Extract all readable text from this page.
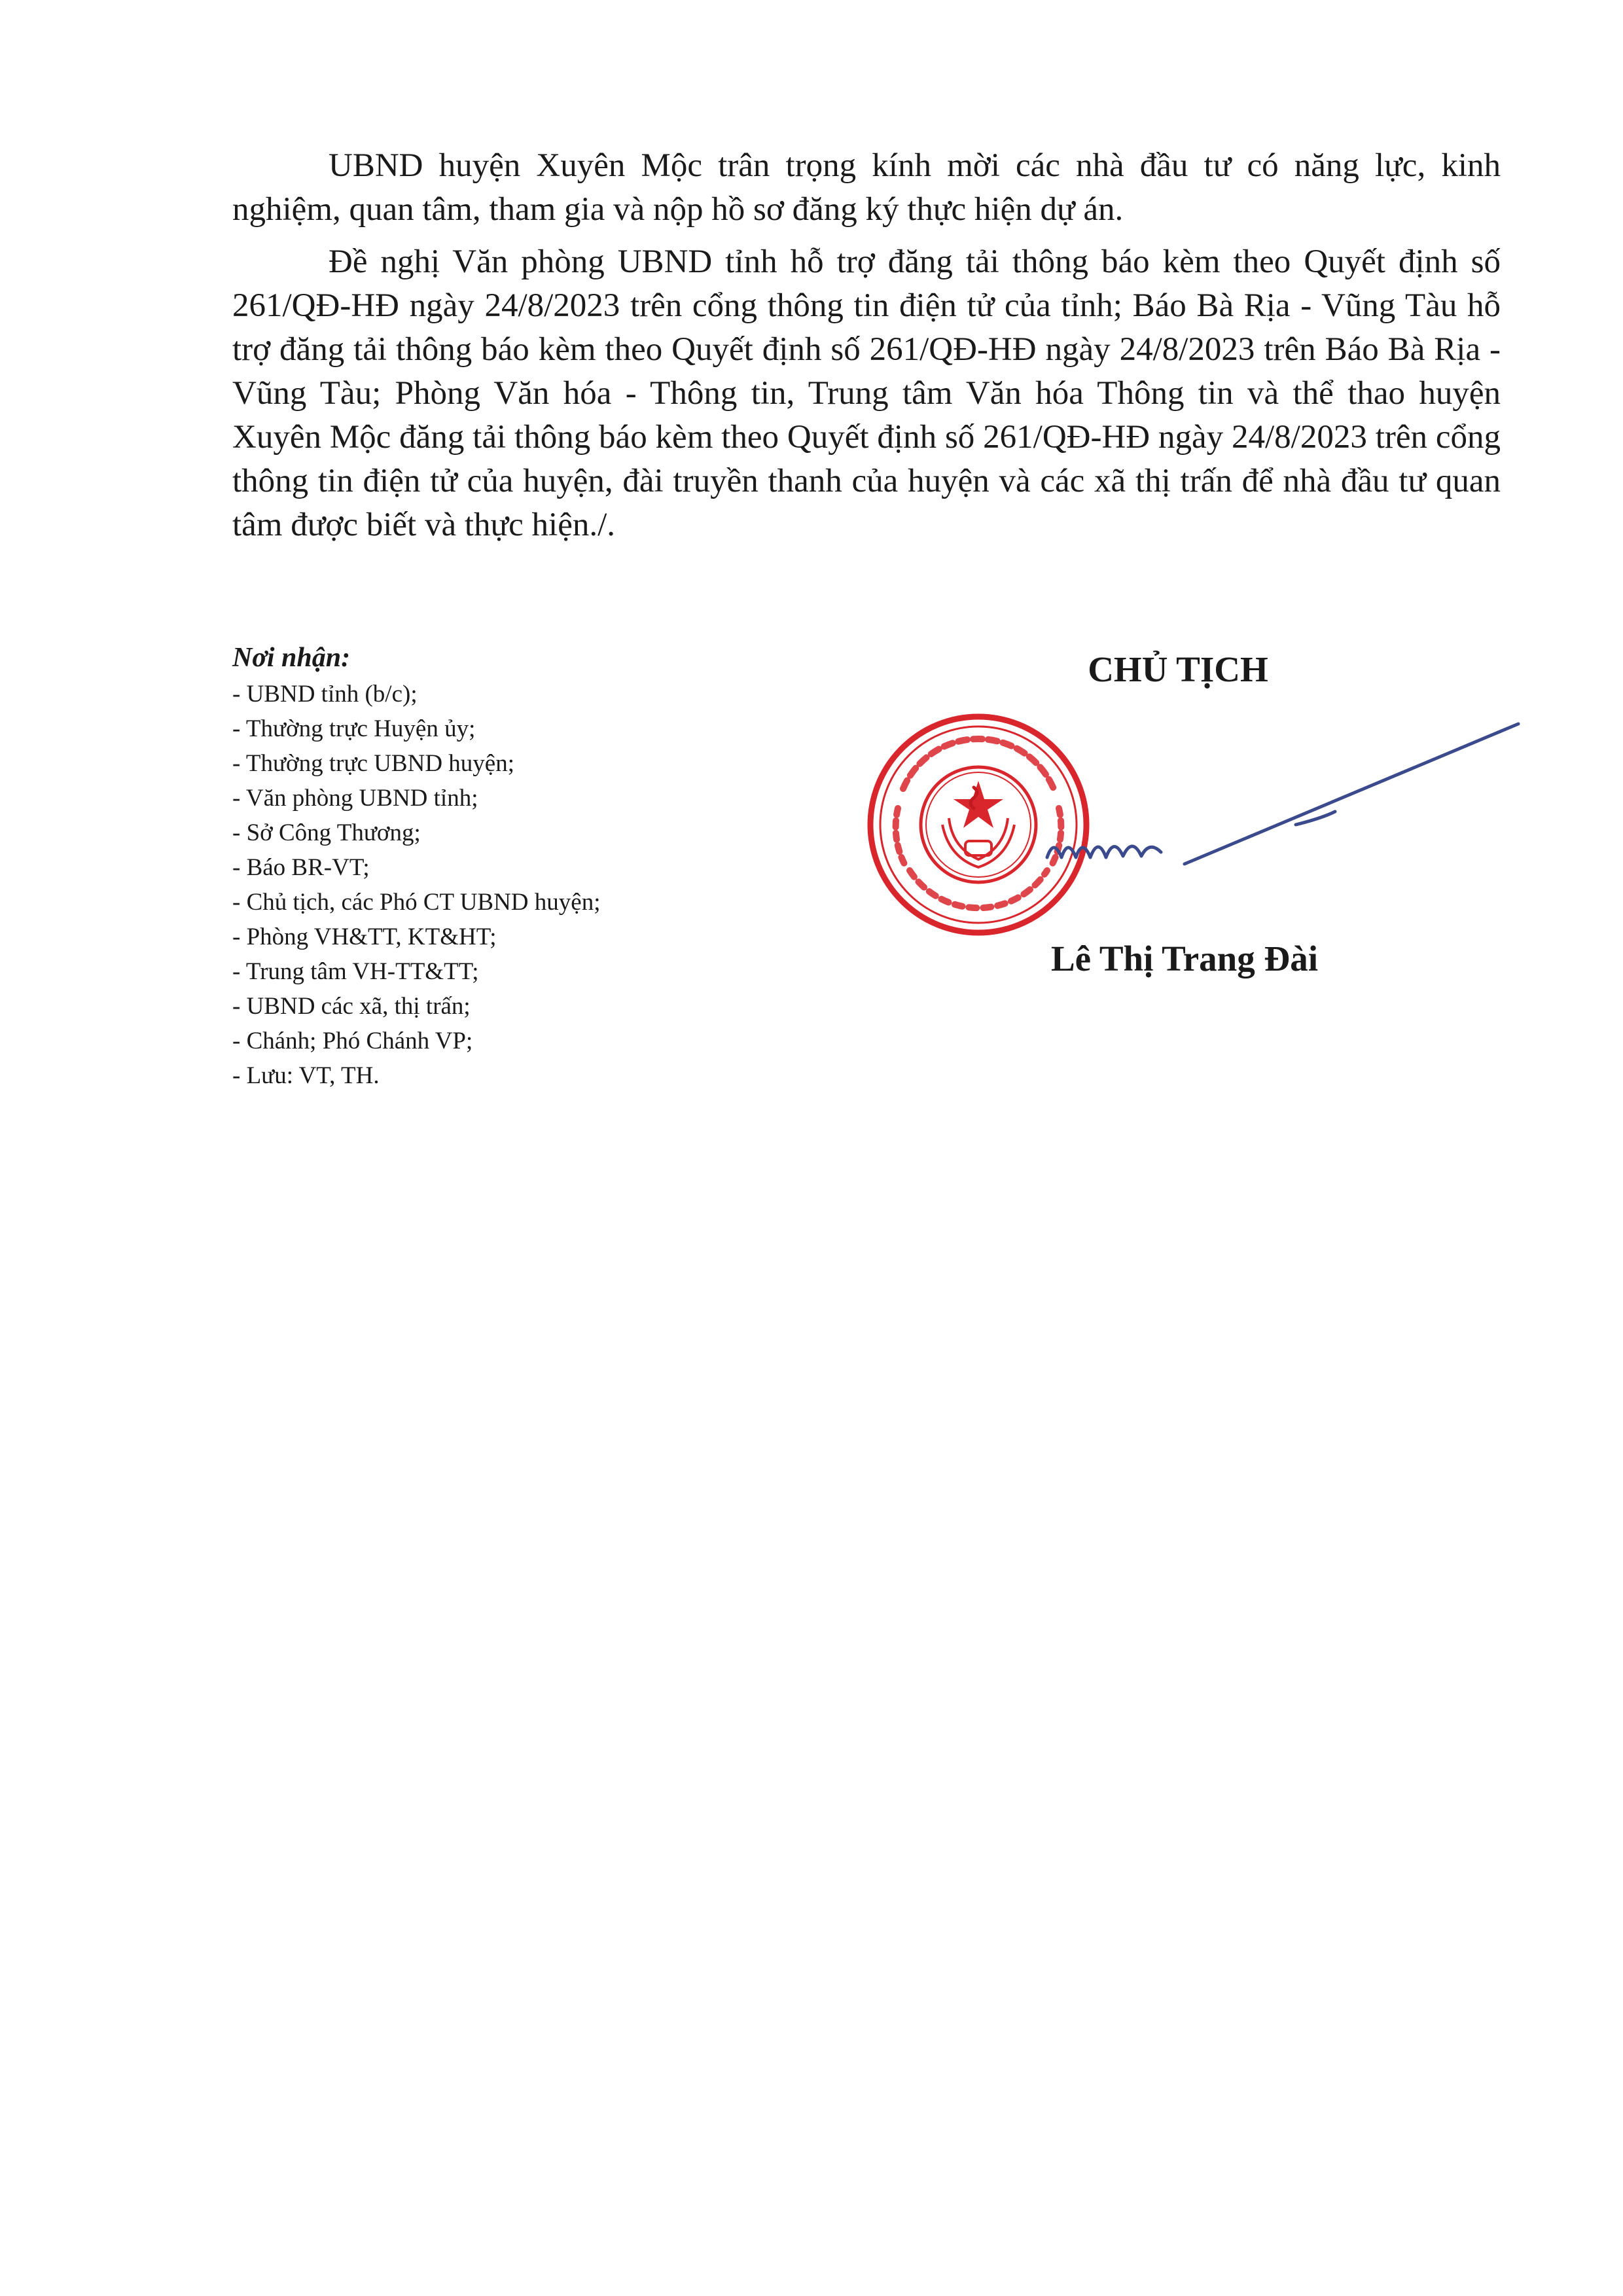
UBND huyện Xuyên Mộc trân trọng kính mời các nhà đầu tư có năng lực, kinh nghiệm, quan tâm, tham gia và nộp hồ sơ đăng ký thực hiện dự án.

Đề nghị Văn phòng UBND tỉnh hỗ trợ đăng tải thông báo kèm theo Quyết định số 261/QĐ-HĐ ngày 24/8/2023 trên cổng thông tin điện tử của tỉnh; Báo Bà Rịa - Vũng Tàu hỗ trợ đăng tải thông báo kèm theo Quyết định số 261/QĐ-HĐ ngày 24/8/2023 trên Báo Bà Rịa - Vũng Tàu; Phòng Văn hóa - Thông tin, Trung tâm Văn hóa Thông tin và thể thao huyện Xuyên Mộc đăng tải thông báo kèm theo Quyết định số 261/QĐ-HĐ ngày 24/8/2023 trên cổng thông tin điện tử của huyện, đài truyền thanh của huyện và các xã thị trấn để nhà đầu tư quan tâm được biết và thực hiện./.

Nơi nhận:
- UBND tỉnh (b/c);
- Thường trực Huyện ủy;
- Thường trực UBND huyện;
- Văn phòng UBND tỉnh;
- Sở Công Thương;
- Báo BR-VT;
- Chủ tịch, các Phó CT UBND huyện;
- Phòng VH&TT, KT&HT;
- Trung tâm VH-TT&TT;
- UBND các xã, thị trấn;
- Chánh; Phó Chánh VP;
- Lưu: VT, TH.
CHỦ TỊCH
Lê Thị Trang Đài
